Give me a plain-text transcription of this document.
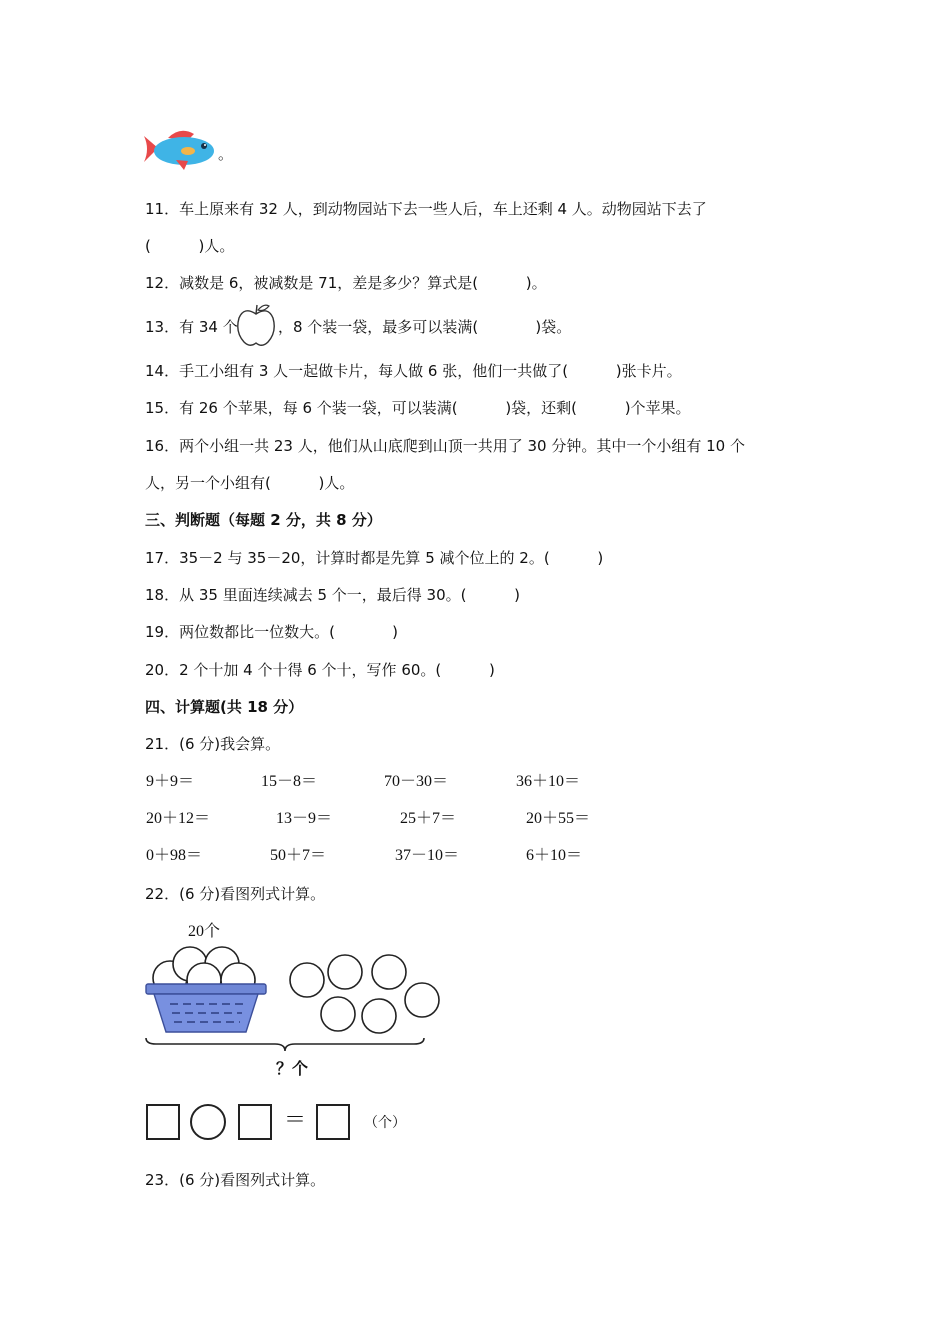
。
11．车上原来有 32 人，到动物园站下去一些人后，车上还剩 4 人。动物园站下去了
(          )人。
12．减数是 6，被减数是 71，差是多少？算式是(          )。
13．有 34 个	，8 个装一袋，最多可以装满(            )袋。
14．手工小组有 3 人一起做卡片，每人做 6 张，他们一共做了(          )张卡片。
15．有 26 个苹果，每 6 个装一袋，可以装满(          )袋，还剩(          )个苹果。
16．两个小组一共 23 人，他们从山底爬到山顶一共用了 30 分钟。其中一个小组有 10 个
人，另一个小组有(          )人。
三、判断题（每题 2 分，共 8 分）
17．35－2 与 35－20，计算时都是先算 5 减个位上的 2。(          )
18．从 35 里面连续减去 5 个一，最后得 30。(          )
19．两位数都比一位数大。(            )
20．2 个十加 4 个十得 6 个十，写作 60。(          )
四、计算题(共 18 分）
21．(6 分)我会算。
9＋9＝	15－8＝	70－30＝	36＋10＝
20＋12＝	13－9＝	25＋7＝	20＋55＝
0＋98＝	50＋7＝	37－10＝	6＋10＝
22．(6 分)看图列式计算。
20个
？个
＝	（个）
23．(6 分)看图列式计算。
